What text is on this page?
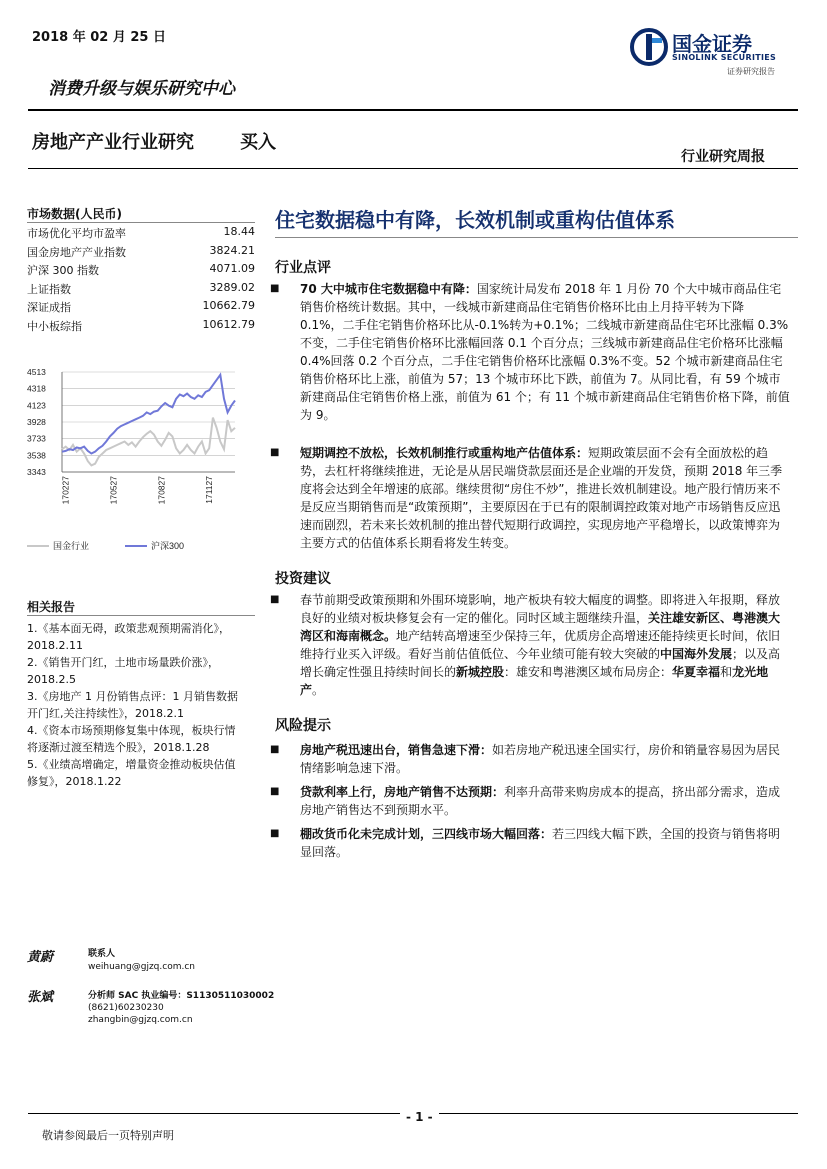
2018 年 02 月 25 日	国金证券
SINOLINK SECURITIES
证券研究报告
消费升级与娱乐研究中心
房地产产业行业研究	买入
行业研究周报
市场数据(人民币)
市场优化平均市盈率	18.44
国金房地产产业指数	3824.21
沪深 300 指数	4071.09
上证指数	3289.02
深证成指	10662.79
中小板综指	10612.79
3343
3538
3733
3928
4123
4318
4513
170227	170527	170827	171127
国金行业	沪深300
相关报告
1.《基本面无碍，政策悲观预期需消化》，
2018.2.11
2.《销售开门红，土地市场量跌价涨》，
2018.2.5
3.《房地产 1 月份销售点评：1 月销售数据
开门红,关注持续性》，2018.2.1
4.《资本市场预期修复集中体现，板块行情
将逐渐过渡至精选个股》，2018.1.28
5.《业绩高增确定，增量资金推动板块估值
修复》，2018.1.22
黄蔚	联系人
weihuang@gjzq.com.cn
张斌	分析师 SAC 执业编号：S1130511030002
(8621)60230230
zhangbin@gjzq.com.cn
住宅数据稳中有降，长效机制或重构估值体系
行业点评
■ 70 大中城市住宅数据稳中有降：国家统计局发布 2018 年 1 月份 70 个大中城市商品住宅销售价格统计数据。其中，一线城市新建商品住宅销售价格环比由上月持平转为下降 0.1%，二手住宅销售价格环比从-0.1%转为+0.1%；二线城市新建商品住宅环比涨幅 0.3%不变，二手住宅销售价格环比涨幅回落 0.1 个百分点；三线城市新建商品住宅价格环比涨幅 0.4%回落 0.2 个百分点，二手住宅销售价格环比涨幅 0.3%不变。52 个城市新建商品住宅销售价格环比上涨，前值为 57；13 个城市环比下跌，前值为 7。从同比看，有 59 个城市新建商品住宅销售价格上涨，前值为 61 个；有 11 个城市新建商品住宅销售价格下降，前值为 9。
■ 短期调控不放松，长效机制推行或重构地产估值体系：短期政策层面不会有全面放松的趋势，去杠杆将继续推进，无论是从居民端贷款层面还是企业端的开发贷，预期 2018 年三季度将会达到全年增速的底部。继续贯彻“房住不炒”，推进长效机制建设。地产股行情历来不是反应当期销售而是“政策预期”，主要原因在于已有的限制调控政策对地产市场销售反应迅速而剧烈，若未来长效机制的推出替代短期行政调控，实现房地产平稳增长，以政策博弈为主要方式的估值体系长期看将发生转变。
投资建议
■ 春节前期受政策预期和外围环境影响，地产板块有较大幅度的调整。即将进入年报期，释放良好的业绩对板块修复会有一定的催化。同时区域主题继续升温，关注雄安新区、粤港澳大湾区和海南概念。地产结转高增速至少保持三年，优质房企高增速还能持续更长时间，依旧维持行业买入评级。看好当前估值低位、今年业绩可能有较大突破的中国海外发展；以及高增长确定性强且持续时间长的新城控股：雄安和粤港澳区域布局房企：华夏幸福和龙光地产。
风险提示
■ 房地产税迅速出台，销售急速下滑：如若房地产税迅速全国实行，房价和销量容易因为居民情绪影响急速下滑。
■ 贷款利率上行，房地产销售不达预期：利率升高带来购房成本的提高，挤出部分需求，造成房地产销售达不到预期水平。
■ 棚改货币化未完成计划，三四线市场大幅回落：若三四线大幅下跌，全国的投资与销售将明显回落。
- 1 -
敬请参阅最后一页特别声明
